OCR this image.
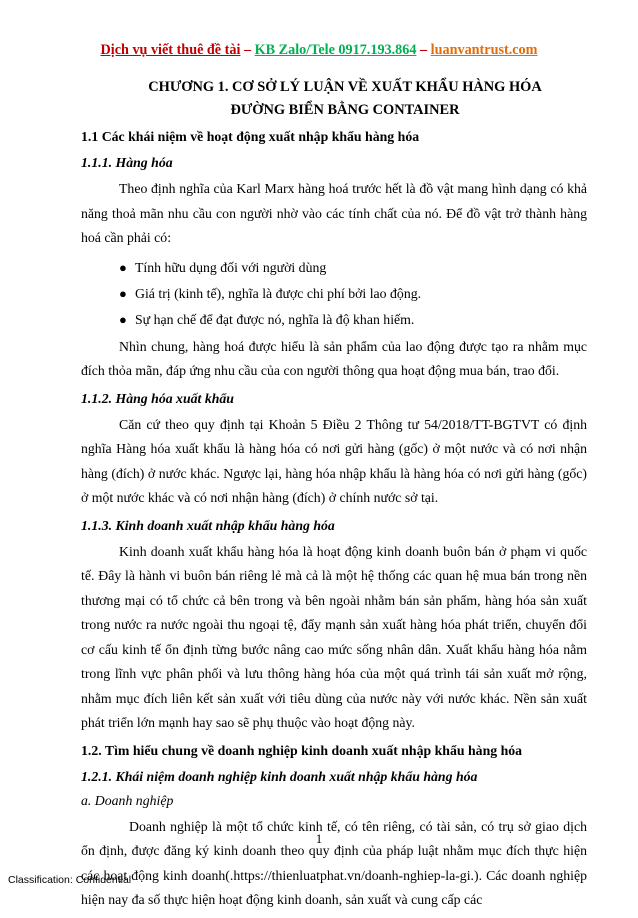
Dịch vụ viết thuê đề tài – KB Zalo/Tele 0917.193.864 – luanvantrust.com
CHƯƠNG 1. CƠ SỞ LÝ LUẬN VỀ XUẤT KHẨU HÀNG HÓA
ĐƯỜNG BIỂN BẰNG CONTAINER
1.1 Các khái niệm về hoạt động xuất nhập khẩu hàng hóa
1.1.1. Hàng hóa

Theo định nghĩa của Karl Marx hàng hoá trước hết là đồ vật mang hình dạng có khả năng thoả mãn nhu cầu con người nhờ vào các tính chất của nó. Để đồ vật trở thành hàng hoá cần phải có:

● Tính hữu dụng đối với người dùng
● Giá trị (kinh tế), nghĩa là được chi phí bởi lao động.
● Sự hạn chế để đạt được nó, nghĩa là độ khan hiếm.

Nhìn chung, hàng hoá được hiểu là sản phẩm của lao động được tạo ra nhằm mục đích thỏa mãn, đáp ứng nhu cầu của con người thông qua hoạt động mua bán, trao đổi.

1.1.2. Hàng hóa xuất khẩu

Căn cứ theo quy định tại Khoản 5 Điều 2 Thông tư 54/2018/TT-BGTVT có định nghĩa Hàng hóa xuất khẩu là hàng hóa có nơi gửi hàng (gốc) ở một nước và có nơi nhận hàng (đích) ở nước khác. Ngược lại, hàng hóa nhập khẩu là hàng hóa có nơi gửi hàng (gốc) ở một nước khác và có nơi nhận hàng (đích) ở chính nước sở tại.

1.1.3. Kinh doanh xuất nhập khẩu hàng hóa

Kinh doanh xuất khẩu hàng hóa là hoạt động kinh doanh buôn bán ở phạm vi quốc tế. Đây là hành vi buôn bán riêng lẻ mà cả là một hệ thống các quan hệ mua bán trong nền thương mại có tổ chức cả bên trong và bên ngoài nhằm bán sản phẩm, hàng hóa sản xuất trong nước ra nước ngoài thu ngoại tệ, đẩy mạnh sản xuất hàng hóa phát triển, chuyển đổi cơ cấu kinh tế ổn định từng bước nâng cao mức sống nhân dân. Xuất khẩu hàng hóa nằm trong lĩnh vực phân phối và lưu thông hàng hóa của một quá trình tái sản xuất mở rộng, nhằm mục đích liên kết sản xuất với tiêu dùng của nước này với nước khác. Nền sản xuất phát triển lớn mạnh hay sao sẽ phụ thuộc vào hoạt động này.

1.2. Tìm hiểu chung về doanh nghiệp kinh doanh xuất nhập khẩu hàng hóa
1.2.1. Khái niệm doanh nghiệp kinh doanh xuất nhập khẩu hàng hóa
a. Doanh nghiệp

Doanh nghiệp là một tổ chức kinh tế, có tên riêng, có tài sản, có trụ sở giao dịch ổn định, được đăng ký kinh doanh theo quy định của pháp luật nhằm mục đích thực hiện các hoạt động kinh doanh(.https://thienluatphat.vn/doanh-nghiep-la-gi.). Các doanh nghiệp hiện nay đa số thực hiện hoạt động kinh doanh, sản xuất và cung cấp các

1
Classification: Confidential
